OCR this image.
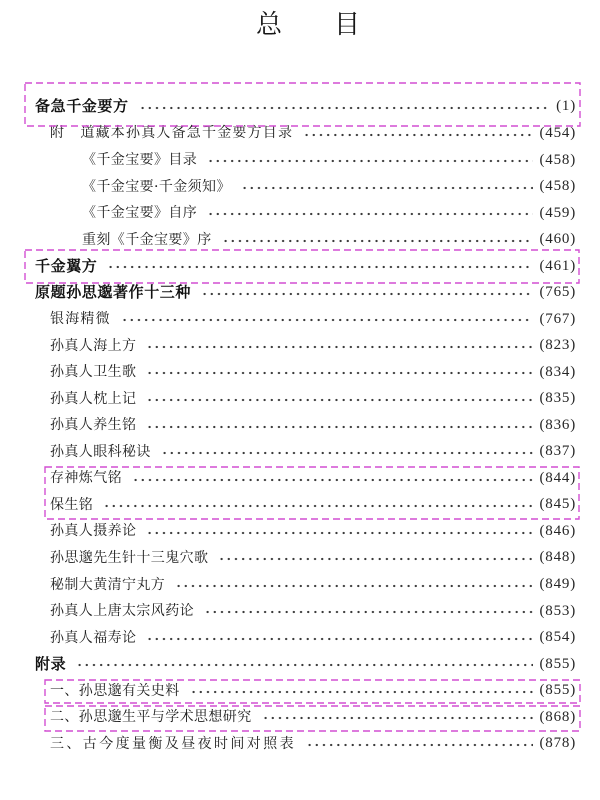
总目
备急千金要方	(1)
附　道藏本孙真人备急千金要方目录	(454)
《千金宝要》目录	(458)
《千金宝要·千金须知》	(458)
《千金宝要》自序	(459)
重刻《千金宝要》序	(460)
千金翼方	(461)
原题孙思邈著作十三种	(765)
银海精微	(767)
孙真人海上方	(823)
孙真人卫生歌	(834)
孙真人枕上记	(835)
孙真人养生铭	(836)
孙真人眼科秘诀	(837)
存神炼气铭	(844)
保生铭	(845)
孙真人摄养论	(846)
孙思邈先生针十三鬼穴歌	(848)
秘制大黄清宁丸方	(849)
孙真人上唐太宗风药论	(853)
孙真人福寿论	(854)
附录	(855)
一、孙思邈有关史料	(855)
二、孙思邈生平与学术思想研究	(868)
三、古今度量衡及昼夜时间对照表	(878)
